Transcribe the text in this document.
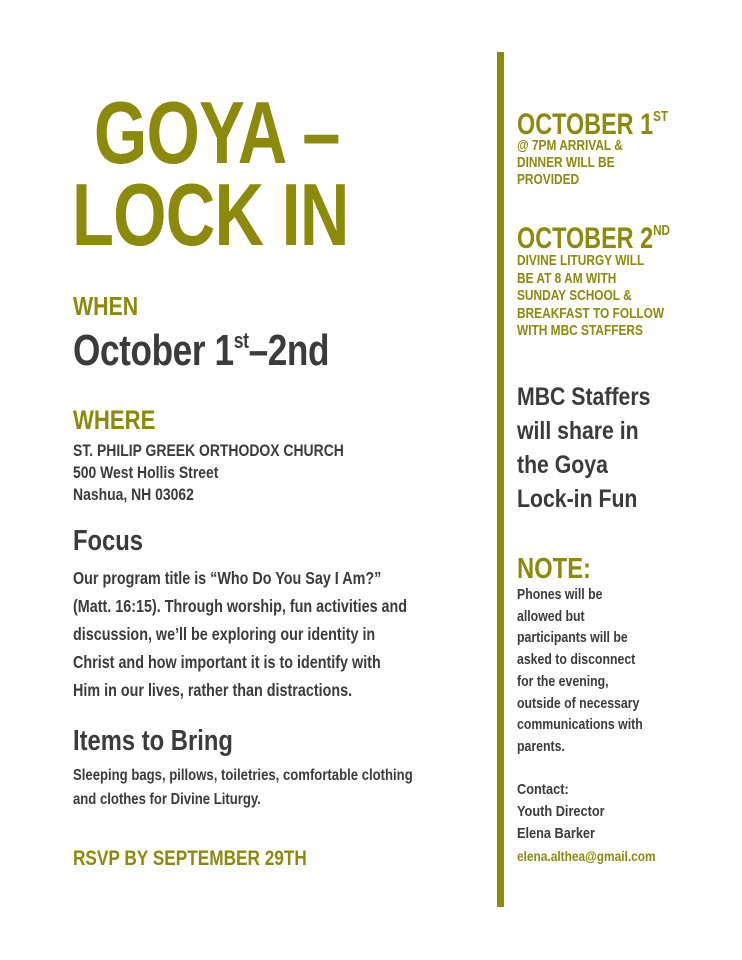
GOYA –
LOCK IN
WHEN
October 1st–2nd
WHERE
ST. PHILIP GREEK ORTHODOX CHURCH
500 West Hollis Street
Nashua, NH 03062
Focus
Our program title is “Who Do You Say I Am?”
(Matt. 16:15). Through worship, fun activities and
discussion, we’ll be exploring our identity in
Christ and how important it is to identify with
Him in our lives, rather than distractions.
Items to Bring
Sleeping bags, pillows, toiletries, comfortable clothing
and clothes for Divine Liturgy.
RSVP BY SEPTEMBER 29TH
OCTOBER 1ST
@ 7PM ARRIVAL &
DINNER WILL BE
PROVIDED
OCTOBER 2ND
DIVINE LITURGY WILL
BE AT 8 AM WITH
SUNDAY SCHOOL &
BREAKFAST TO FOLLOW
WITH MBC STAFFERS
MBC Staffers
will share in
the Goya
Lock-in Fun
NOTE:
Phones will be
allowed but
participants will be
asked to disconnect
for the evening,
outside of necessary
communications with
parents.
Contact:
Youth Director
Elena Barker
elena.althea@gmail.com
